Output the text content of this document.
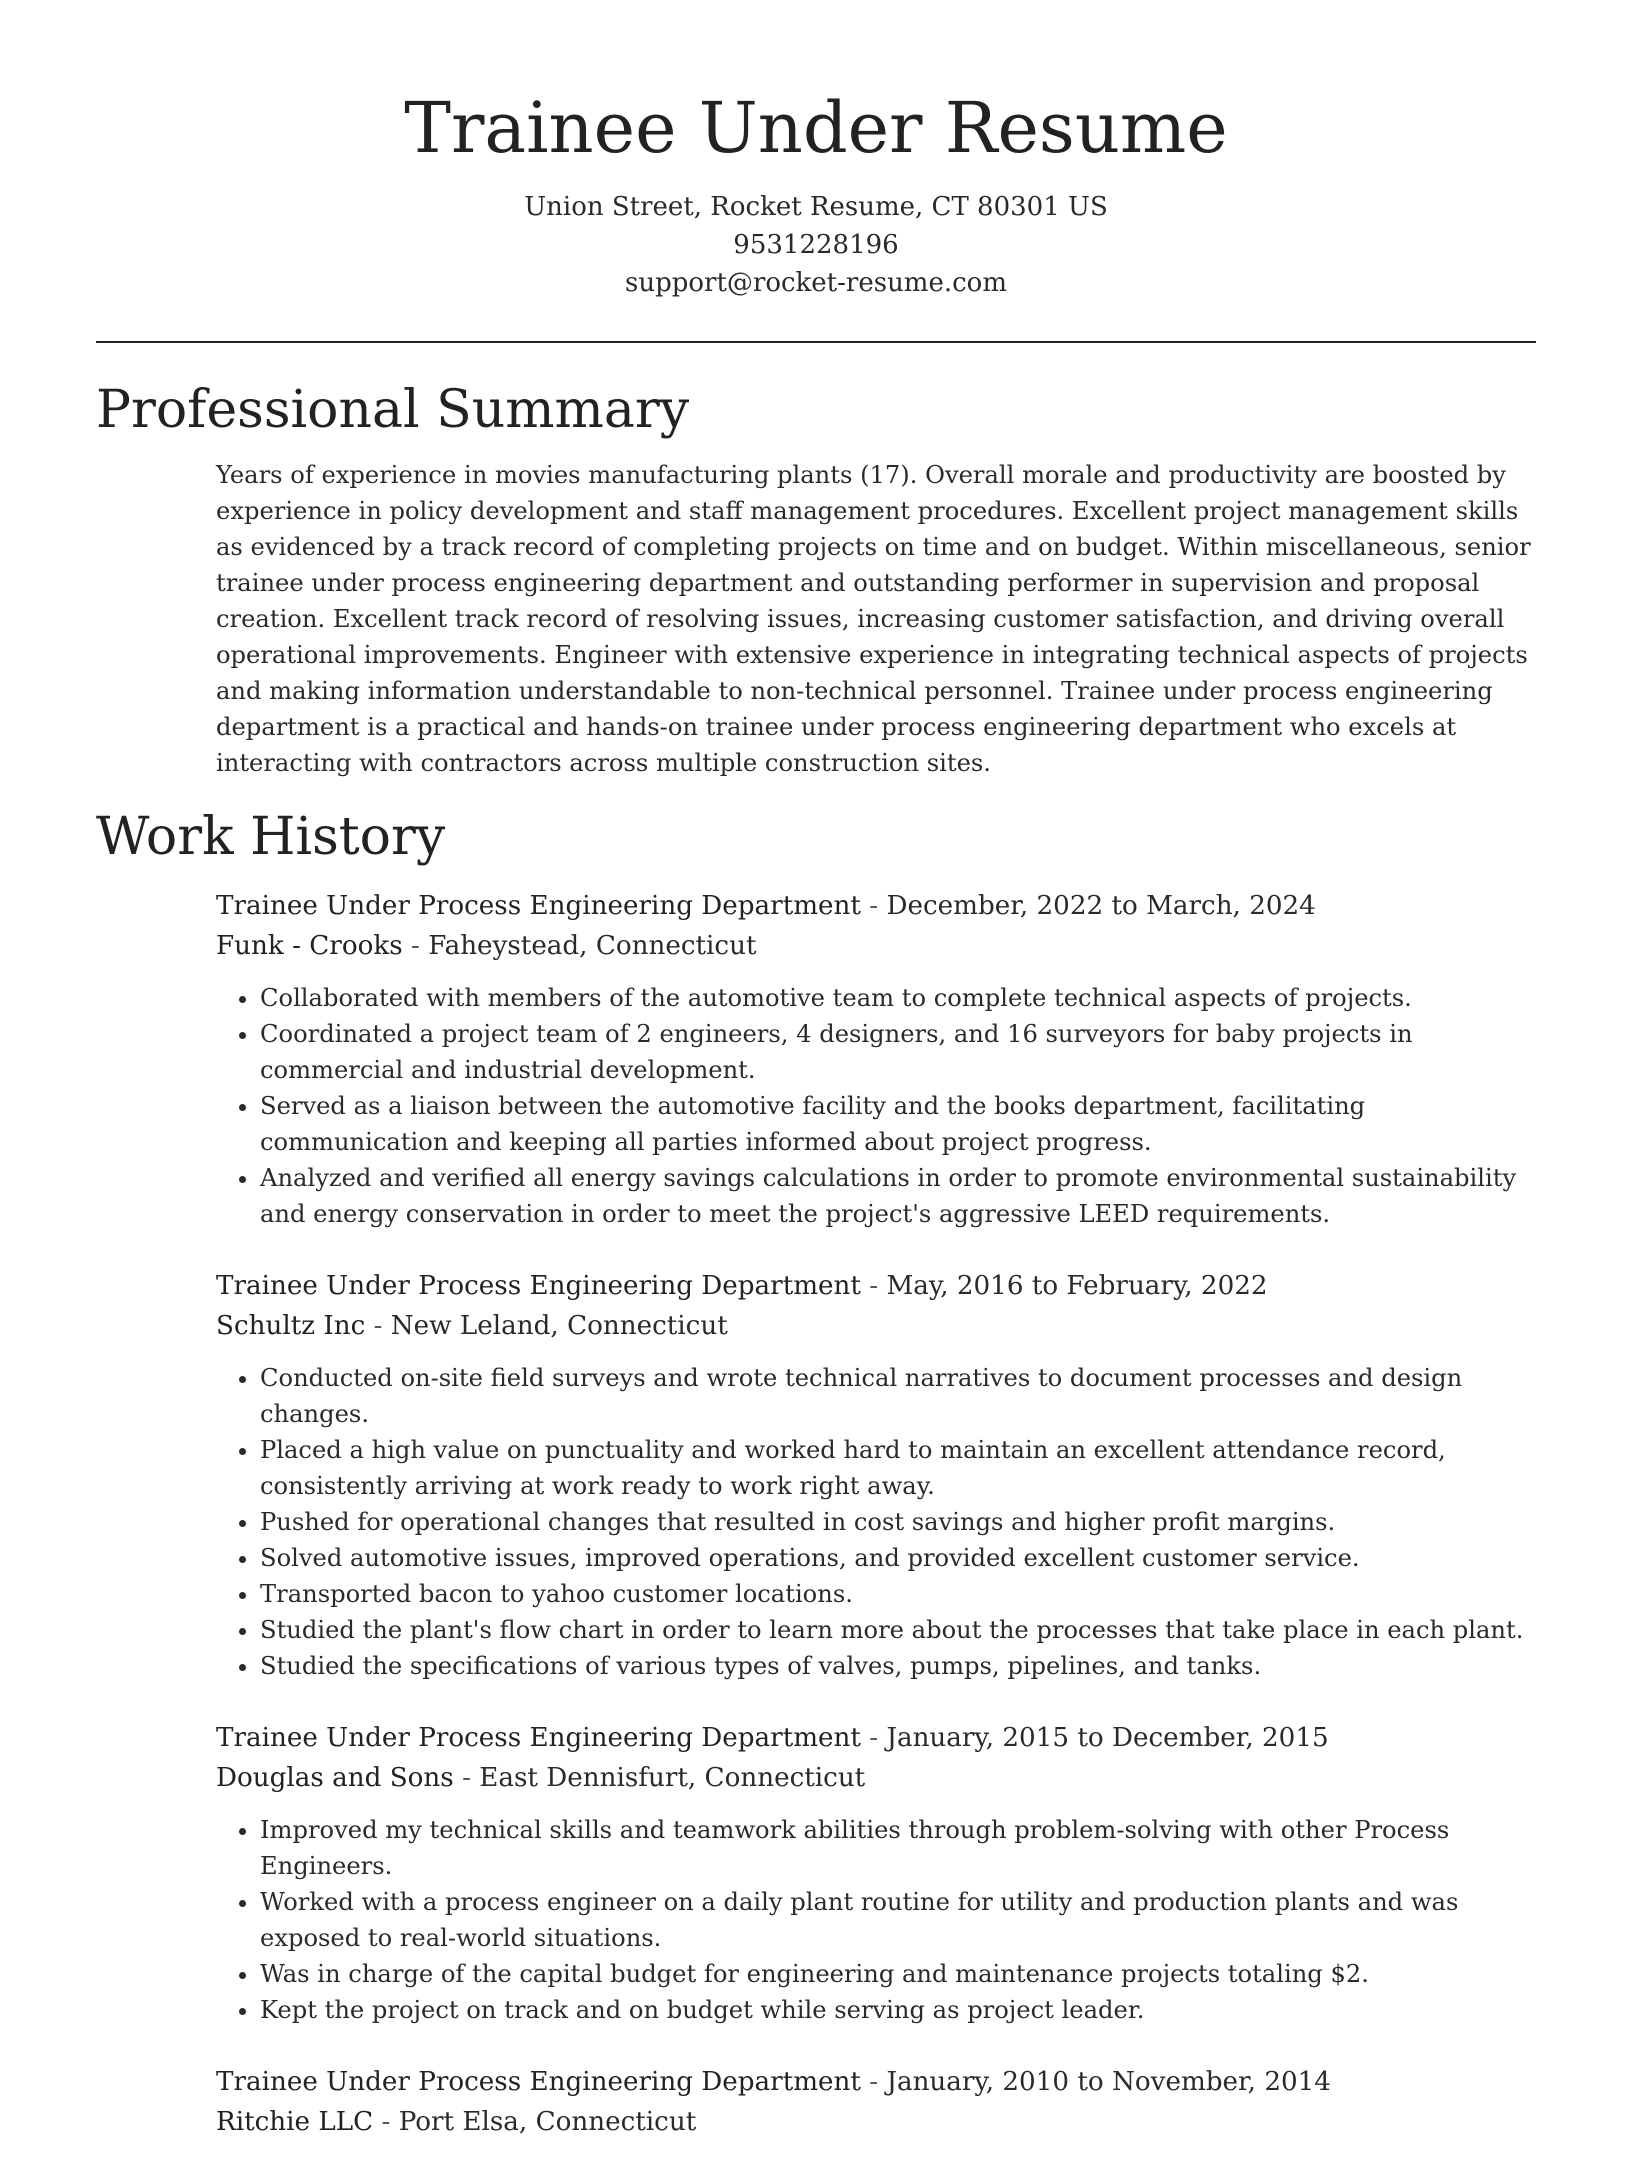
Trainee Under Resume
Union Street, Rocket Resume, CT 80301 US
9531228196
support@rocket-resume.com
Professional Summary

Years of experience in movies manufacturing plants (17). Overall morale and productivity are boosted by experience in policy development and staff management procedures. Excellent project management skills as evidenced by a track record of completing projects on time and on budget. Within miscellaneous, senior trainee under process engineering department and outstanding performer in supervision and proposal creation. Excellent track record of resolving issues, increasing customer satisfaction, and driving overall operational improvements. Engineer with extensive experience in integrating technical aspects of projects and making information understandable to non-technical personnel. Trainee under process engineering department is a practical and hands-on trainee under process engineering department who excels at interacting with contractors across multiple construction sites.

Work History
Trainee Under Process Engineering Department - December, 2022 to March, 2024
Funk - Crooks - Faheystead, Connecticut
• Collaborated with members of the automotive team to complete technical aspects of projects.
• Coordinated a project team of 2 engineers, 4 designers, and 16 surveyors for baby projects in commercial and industrial development.
• Served as a liaison between the automotive facility and the books department, facilitating communication and keeping all parties informed about project progress.
• Analyzed and verified all energy savings calculations in order to promote environmental sustainability and energy conservation in order to meet the project's aggressive LEED requirements.
Trainee Under Process Engineering Department - May, 2016 to February, 2022
Schultz Inc - New Leland, Connecticut
• Conducted on-site field surveys and wrote technical narratives to document processes and design changes.
• Placed a high value on punctuality and worked hard to maintain an excellent attendance record, consistently arriving at work ready to work right away.
• Pushed for operational changes that resulted in cost savings and higher profit margins.
• Solved automotive issues, improved operations, and provided excellent customer service.
• Transported bacon to yahoo customer locations.
• Studied the plant's flow chart in order to learn more about the processes that take place in each plant.
• Studied the specifications of various types of valves, pumps, pipelines, and tanks.
Trainee Under Process Engineering Department - January, 2015 to December, 2015
Douglas and Sons - East Dennisfurt, Connecticut
• Improved my technical skills and teamwork abilities through problem-solving with other Process Engineers.
• Worked with a process engineer on a daily plant routine for utility and production plants and was exposed to real-world situations.
• Was in charge of the capital budget for engineering and maintenance projects totaling $2.
• Kept the project on track and on budget while serving as project leader.
Trainee Under Process Engineering Department - January, 2010 to November, 2014
Ritchie LLC - Port Elsa, Connecticut
